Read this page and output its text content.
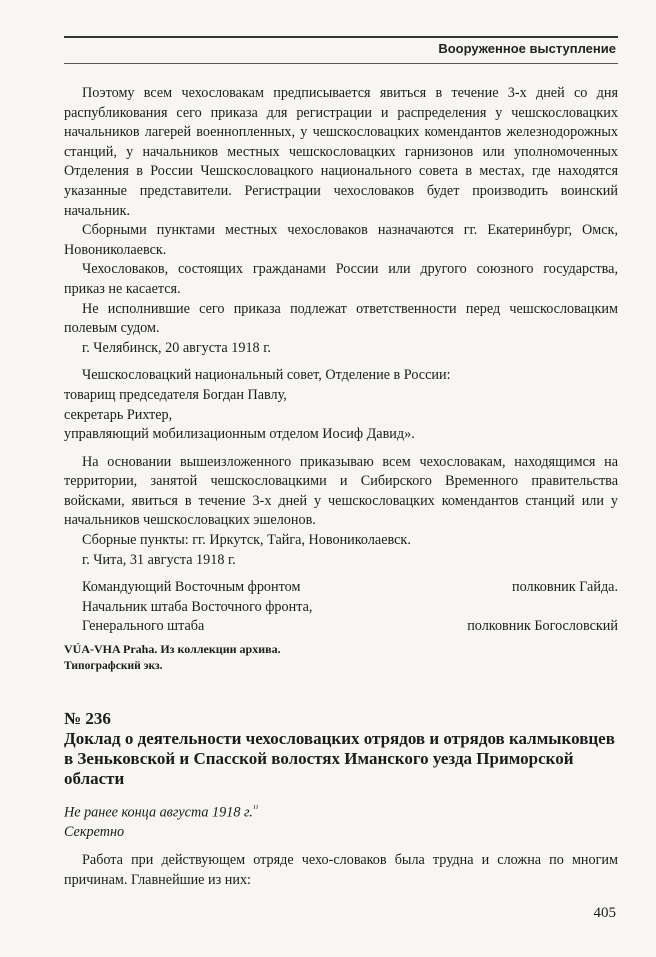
Вооруженное выступление

Поэтому всем чехословакам предписывается явиться в течение 3-х дней со дня распубликования сего приказа для регистрации и распределения у чешскословацких начальников лагерей военнопленных, у чешскословацких комендантов железнодорожных станций, у начальников местных чешскословацких гарнизонов или уполномоченных Отделения в России Чешскословацкого национального совета в местах, где находятся указанные представители. Регистрации чехословаков будет производить воинский начальник.

Сборными пунктами местных чехословаков назначаются гг. Екатеринбург, Омск, Новониколаевск.

Чехословаков, состоящих гражданами России или другого союзного государства, приказ не касается.

Не исполнившие сего приказа подлежат ответственности перед чешскословацким полевым судом.

г. Челябинск, 20 августа 1918 г.

Чешскословацкий национальный совет, Отделение в России:

товарищ председателя Богдан Павлу,

секретарь Рихтер,

управляющий мобилизационным отделом Иосиф Давид».

На основании вышеизложенного приказываю всем чехословакам, находящимся на территории, занятой чешскословацкими и Сибирского Временного правительства войсками, явиться в течение 3-х дней у чешскословацких комендантов станций или у начальников чешскословацких эшелонов.

Сборные пункты: гг. Иркутск, Тайга, Новониколаевск.

г. Чита, 31 августа 1918 г.

Командующий Восточным фронтом	полковник Гайда.
Начальник штаба Восточного фронта,
Генерального штаба	полковник Богословский
VÚA-VHA Praha. Из коллекции архива.
Типографский экз.
№ 236
Доклад о деятельности чехословацких отрядов и отрядов калмыковцев в Зеньковской и Спасской волостях Иманского уезда Приморской области

Не ранее конца августа 1918 г.$^{^{11}}$

Секретно

Работа при действующем отряде чехо-словаков была трудна и сложна по многим причинам. Главнейшие из них:

405
